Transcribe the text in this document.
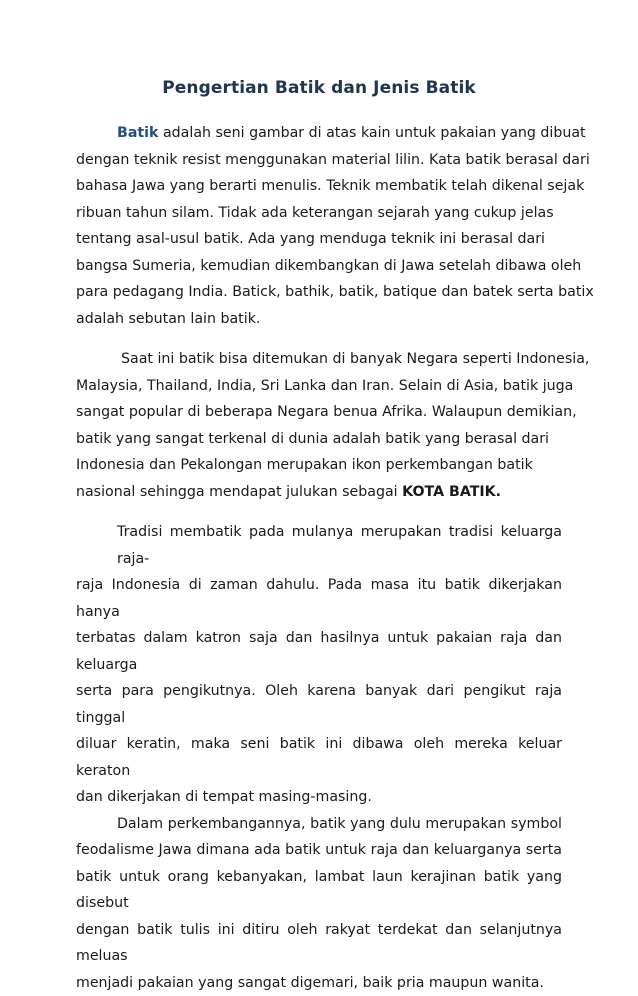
Pengertian Batik dan Jenis Batik

Batik adalah seni gambar di atas kain untuk pakaian yang dibuat
dengan teknik resist menggunakan material lilin. Kata batik berasal dari
bahasa Jawa yang berarti menulis. Teknik membatik telah dikenal sejak
ribuan tahun silam. Tidak ada keterangan sejarah yang cukup jelas
tentang asal-usul batik. Ada yang menduga teknik ini berasal dari
bangsa Sumeria, kemudian dikembangkan di Jawa setelah dibawa oleh
para pedagang India. Batick, bathik, batik, batique dan batek serta batix
adalah sebutan lain batik.

Saat ini batik bisa ditemukan di banyak Negara seperti Indonesia,
Malaysia, Thailand, India, Sri Lanka dan Iran. Selain di Asia, batik juga
sangat popular di beberapa Negara benua Afrika. Walaupun demikian,
batik yang sangat terkenal di dunia adalah batik yang berasal dari
Indonesia dan Pekalongan merupakan ikon perkembangan batik
nasional sehingga mendapat julukan sebagai KOTA BATIK.

Tradisi membatik pada mulanya merupakan tradisi keluarga raja-
raja Indonesia di zaman dahulu. Pada masa itu batik dikerjakan hanya
terbatas dalam katron saja dan hasilnya untuk pakaian raja dan keluarga
serta para pengikutnya. Oleh karena banyak dari pengikut raja tinggal
diluar keratin, maka seni batik ini dibawa oleh mereka keluar keraton
dan dikerjakan di tempat masing-masing.

Dalam perkembangannya, batik yang dulu merupakan symbol
feodalisme Jawa dimana ada batik untuk raja dan keluarganya serta
batik untuk orang kebanyakan, lambat laun kerajinan batik yang disebut
dengan batik tulis ini ditiru oleh rakyat terdekat dan selanjutnya meluas
menjadi pakaian yang sangat digemari, baik pria maupun wanita.
